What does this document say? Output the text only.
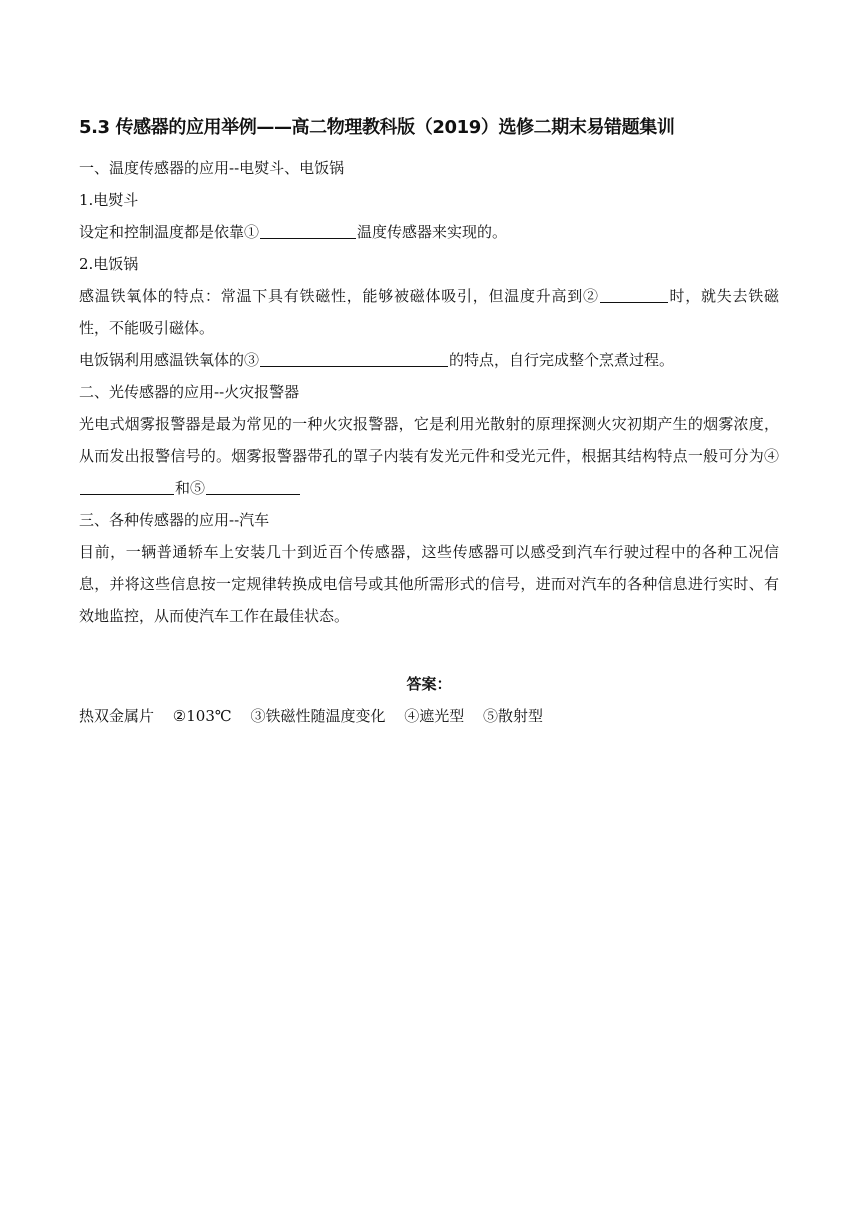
5.3 传感器的应用举例——高二物理教科版（2019）选修二期末易错题集训

一、温度传感器的应用--电熨斗、电饭锅

1.电熨斗

设定和控制温度都是依靠①	温度传感器来实现的。

2.电饭锅

感温铁氧体的特点：常温下具有铁磁性，能够被磁体吸引，但温度升高到②	时，就失去铁磁性，不能吸引磁体。

电饭锅利用感温铁氧体的③	的特点，自行完成整个烹煮过程。

二、光传感器的应用--火灾报警器

光电式烟雾报警器是最为常见的一种火灾报警器，它是利用光散射的原理探测火灾初期产生的烟雾浓度，从而发出报警信号的。烟雾报警器带孔的罩子内装有发光元件和受光元件，根据其结构特点一般可分为④和⑤

三、各种传感器的应用--汽车

目前，一辆普通轿车上安装几十到近百个传感器，这些传感器可以感受到汽车行驶过程中的各种工况信息，并将这些信息按一定规律转换成电信号或其他所需形式的信号，进而对汽车的各种信息进行实时、有效地监控，从而使汽车工作在最佳状态。

答案：
热双金属片 ②103℃ ③铁磁性随温度变化 ④遮光型 ⑤散射型
